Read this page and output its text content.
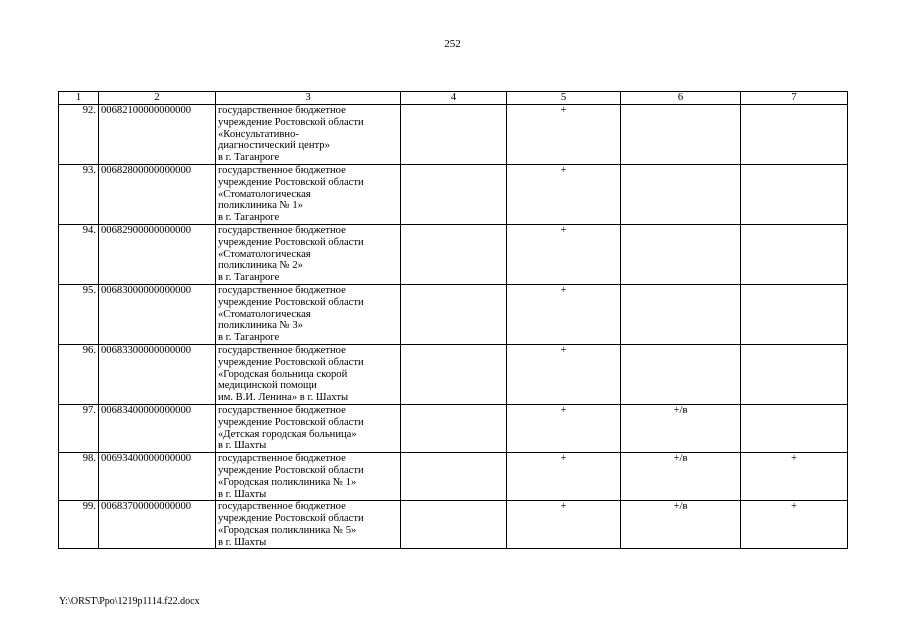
252
1	2	3	4	5	6	7
92.	00682100000000000	государственное бюджетное
учреждение Ростовской области
«Консультативно-
диагностический центр»
в г. Таганроге		+		
93.	00682800000000000	государственное бюджетное
учреждение Ростовской области
«Стоматологическая
поликлиника № 1»
в г. Таганроге		+		
94.	00682900000000000	государственное бюджетное
учреждение Ростовской области
«Стоматологическая
поликлиника № 2»
в г. Таганрогe		+		
95.	00683000000000000	государственное бюджетное
учреждение Ростовской области
«Стоматологическая
поликлиника № 3»
в г. Таганроге		+		
96.	00683300000000000	государственное бюджетное
учреждение Ростовской области
«Городская больница скорой
медицинской помощи
им. В.И. Ленина» в г. Шахты		+		
97.	00683400000000000	государственное бюджетное
учреждение Ростовской области
«Детская городская больница»
в г. Шахты		+	+/в	
98.	00693400000000000	государственное бюджетное
учреждение Ростовской области
«Городская поликлиника № 1»
в г. Шахты		+	+/в	+
99.	00683700000000000	государственное бюджетное
учреждение Ростовской области
«Городская поликлиника № 5»
в г. Шахты		+	+/в	+
Y:\ORST\Ppo\1219p1114.f22.docx
